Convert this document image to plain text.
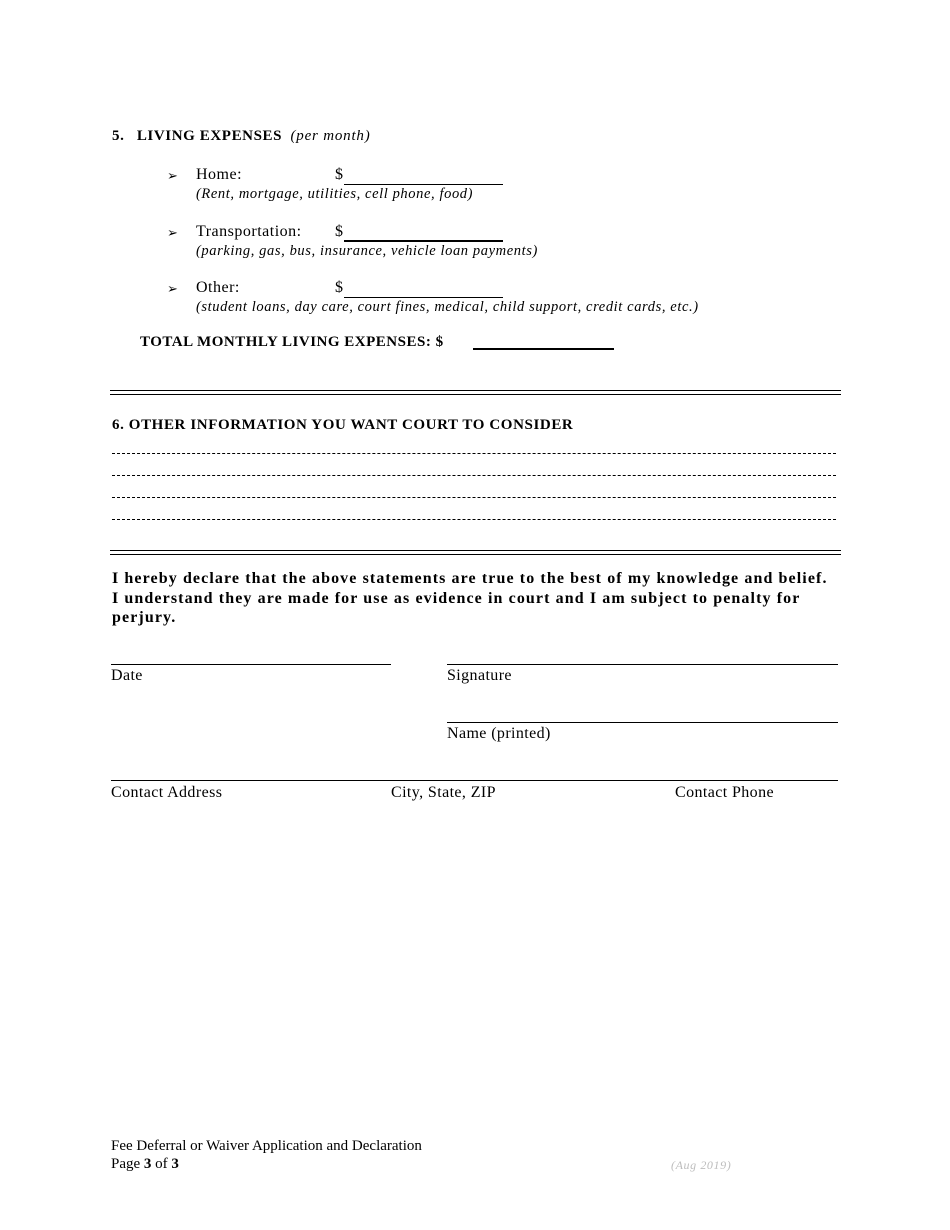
5. LIVING EXPENSES (per month)
➢ Home:	$
(Rent, mortgage, utilities, cell phone, food)
➢ Transportation: $
(parking, gas, bus, insurance, vehicle loan payments)
➢ Other:	$
(student loans, day care, court fines, medical, child support, credit cards, etc.)
TOTAL MONTHLY LIVING EXPENSES: $
6. OTHER INFORMATION YOU WANT COURT TO CONSIDER
I hereby declare that the above statements are true to the best of my knowledge and belief. I understand they are made for use as evidence in court and I am subject to penalty for perjury.
Date	Signature
Name (printed)
Contact Address	City, State, ZIP	Contact Phone
Fee Deferral or Waiver Application and Declaration
Page 3 of 3	(Aug 2019)
